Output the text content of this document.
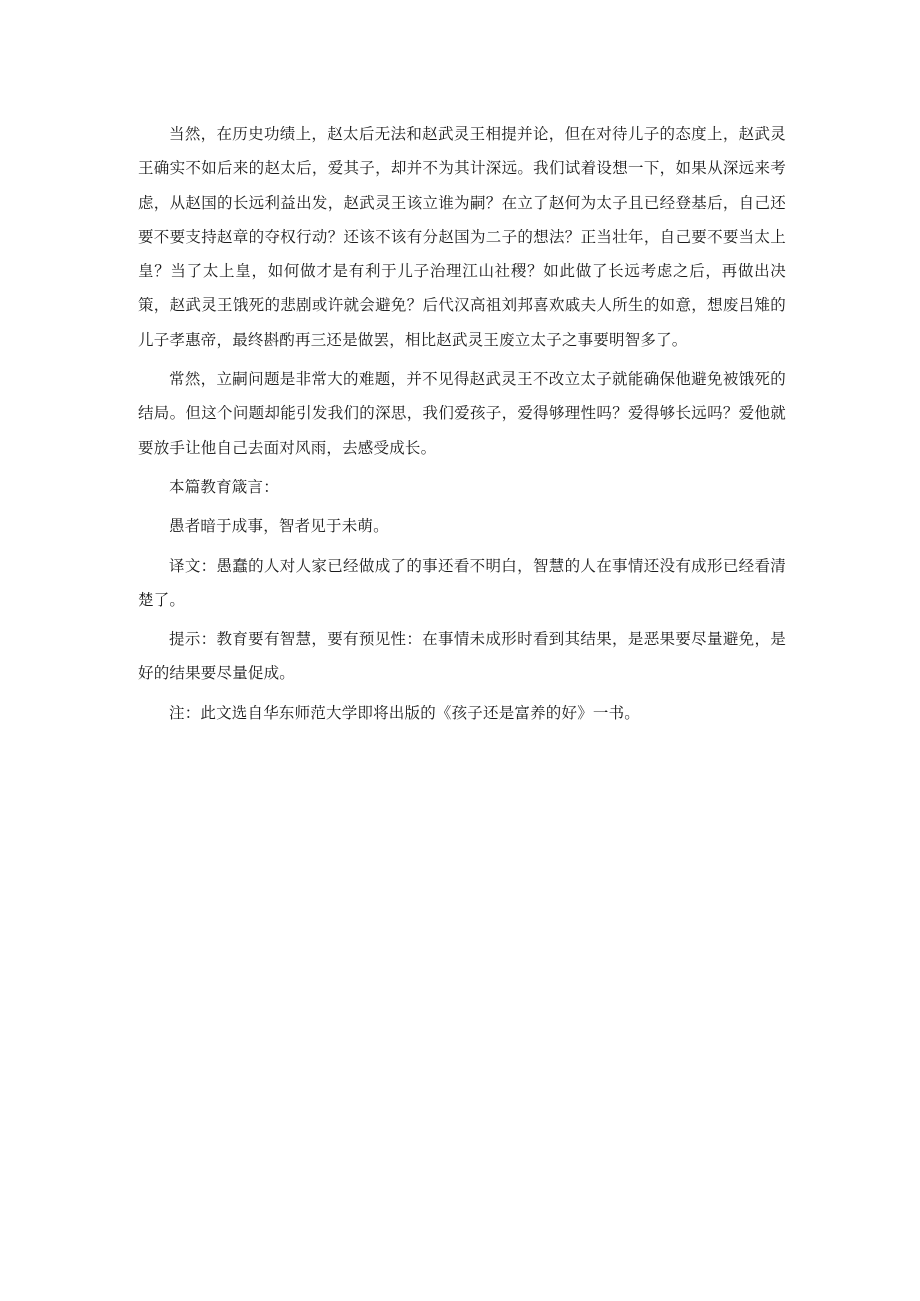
当然，在历史功绩上，赵太后无法和赵武灵王相提并论，但在对待儿子的态度上，赵武灵王确实不如后来的赵太后，爱其子，却并不为其计深远。我们试着设想一下，如果从深远来考虑，从赵国的长远利益出发，赵武灵王该立谁为嗣？在立了赵何为太子且已经登基后，自己还要不要支持赵章的夺权行动？还该不该有分赵国为二子的想法？正当壮年，自己要不要当太上皇？当了太上皇，如何做才是有利于儿子治理江山社稷？如此做了长远考虑之后，再做出决策，赵武灵王饿死的悲剧或许就会避免？后代汉高祖刘邦喜欢戚夫人所生的如意，想废吕雉的儿子孝惠帝，最终斟酌再三还是做罢，相比赵武灵王废立太子之事要明智多了。

常然，立嗣问题是非常大的难题，并不见得赵武灵王不改立太子就能确保他避免被饿死的结局。但这个问题却能引发我们的深思，我们爱孩子，爱得够理性吗？爱得够长远吗？爱他就要放手让他自己去面对风雨，去感受成长。

本篇教育箴言：

愚者暗于成事，智者见于未萌。

译文：愚蠢的人对人家已经做成了的事还看不明白，智慧的人在事情还没有成形已经看清楚了。

提示：教育要有智慧，要有预见性：在事情未成形时看到其结果，是恶果要尽量避免，是好的结果要尽量促成。

注：此文选自华东师范大学即将出版的《孩子还是富养的好》一书。
